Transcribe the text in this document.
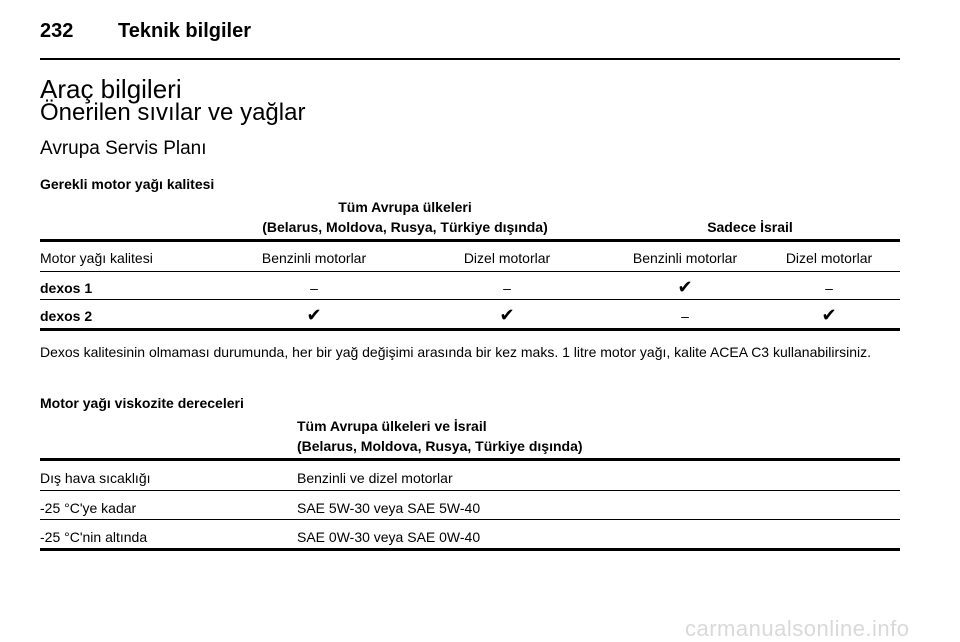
232 Teknik bilgiler
Araç bilgileri
Önerilen sıvılar ve yağlar
Avrupa Servis Planı
Gerekli motor yağı kalitesi
Tüm Avrupa ülkeleri
(Belarus, Moldova, Rusya, Türkiye dışında)	Sadece İsrail
Motor yağı kalitesi	Benzinli motorlar	Dizel motorlar	Benzinli motorlar	Dizel motorlar
dexos 1	–	–	✔	–
dexos 2	✔	✔	–	✔
Dexos kalitesinin olmaması durumunda, her bir yağ değişimi arasında bir kez maks. 1 litre motor yağı, kalite ACEA C3 kullanabilirsiniz.
Motor yağı viskozite dereceleri
Tüm Avrupa ülkeleri ve İsrail
(Belarus, Moldova, Rusya, Türkiye dışında)
Dış hava sıcaklığı	Benzinli ve dizel motorlar
-25 °C'ye kadar	SAE 5W-30 veya SAE 5W-40
-25 °C'nin altında	SAE 0W-30 veya SAE 0W-40
carmanualsonline.info
